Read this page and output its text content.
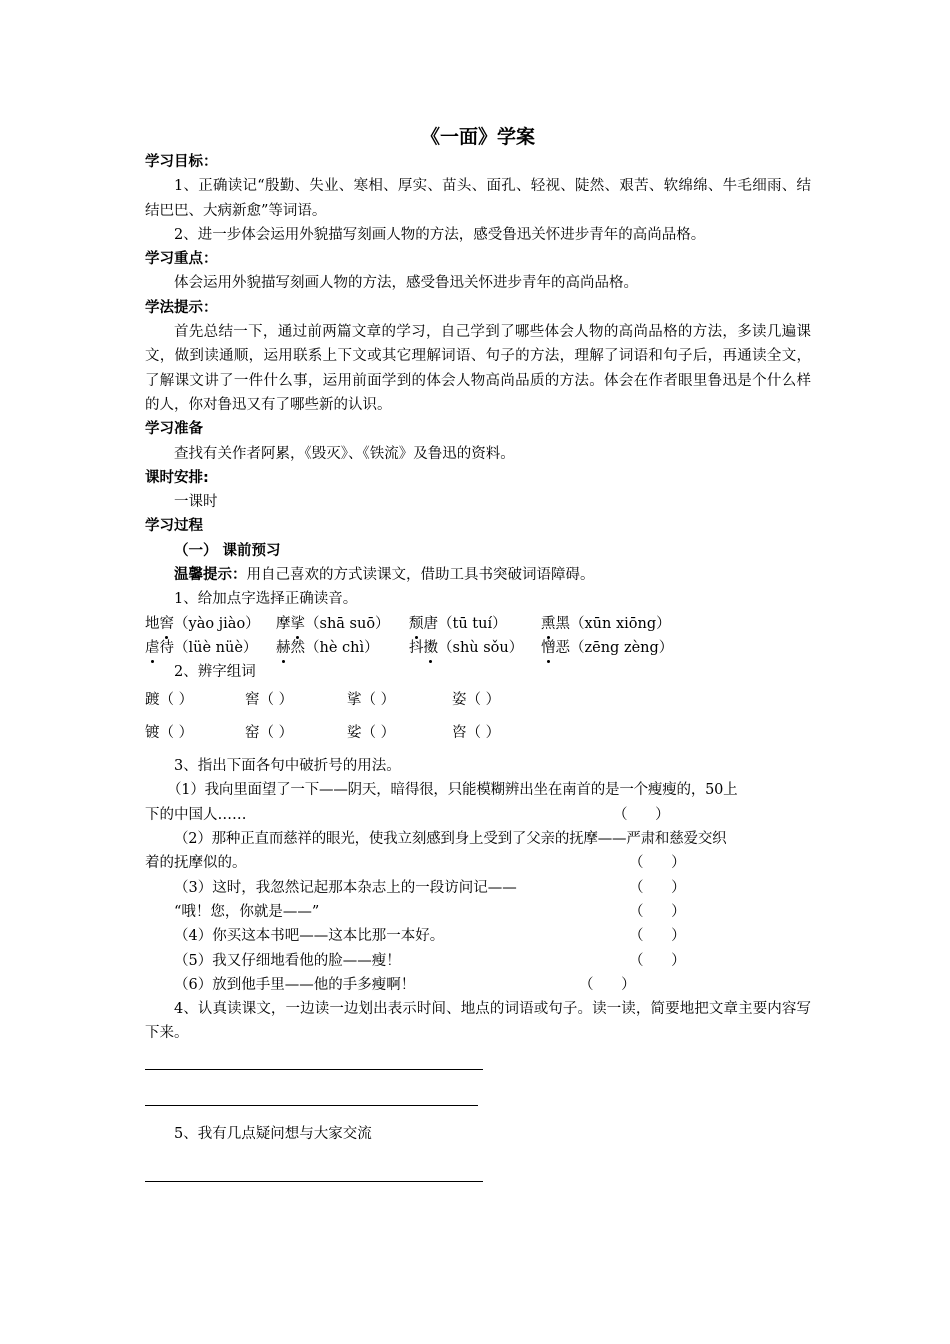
《一面》学案
学习目标：
1、正确读记“殷勤、失业、寒相、厚实、苗头、面孔、轻视、陡然、艰苦、软绵绵、牛毛细雨、结结巴巴、大病新愈”等词语。
2、进一步体会运用外貌描写刻画人物的方法，感受鲁迅关怀进步青年的高尚品格。
学习重点：
体会运用外貌描写刻画人物的方法，感受鲁迅关怀进步青年的高尚品格。
学法提示：
首先总结一下，通过前两篇文章的学习，自己学到了哪些体会人物的高尚品格的方法，多读几遍课文，做到读通顺，运用联系上下文或其它理解词语、句子的方法，理解了词语和句子后，再通读全文，了解课文讲了一件什么事，运用前面学到的体会人物高尚品质的方法。体会在作者眼里鲁迅是个什么样的人，你对鲁迅又有了哪些新的认识。
学习准备
查找有关作者阿累，《毁灭》、《铁流》及鲁迅的资料。
课时安排:
一课时
学习过程
（一） 课前预习
温馨提示：用自己喜欢的方式读课文，借助工具书突破词语障碍。
1、给加点字选择正确读音。
地窖（yào jiào）	摩挲（shā suō）	颓唐（tū tuí）	熏黑（xūn xiōng）
虐待（lüè nüè）	赫然（hè chì）	抖擞（shù sǒu）	憎恶（zēng zèng）
2、辨字组词
踱（ ）	窖（ ）	挲（ ）	姿（ ）
镀（ ）	窑（ ）	娑（ ）	咨（ ）
3、指出下面各句中破折号的用法。
（1）我向里面望了一下——阴天，暗得很，只能模糊辨出坐在南首的是一个瘦瘦的，50上
下的中国人……	（      ）
（2）那种正直而慈祥的眼光，使我立刻感到身上受到了父亲的抚摩——严肃和慈爱交织
着的抚摩似的。	（      ）
（3）这时，我忽然记起那本杂志上的一段访问记——	（      ）
“哦！您，你就是——”	（      ）
（4）你买这本书吧——这本比那一本好。	（      ）
（5）我又仔细地看他的脸——瘦！	（      ）
（6）放到他手里——他的手多瘦啊！	（      ）
4、认真读课文，一边读一边划出表示时间、地点的词语或句子。读一读，简要地把文章主要内容写下来。
5、我有几点疑问想与大家交流
